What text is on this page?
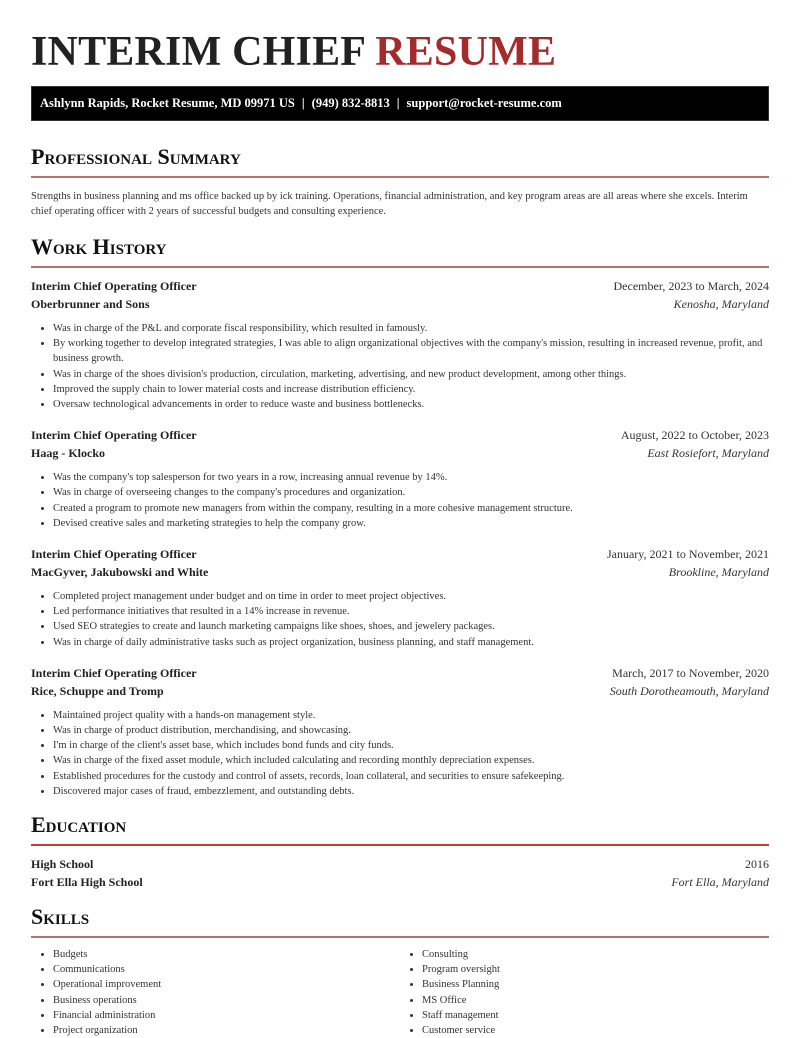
INTERIM CHIEF RESUME
Ashlynn Rapids, Rocket Resume, MD 09971 US | (949) 832-8813 | support@rocket-resume.com
Professional Summary

Strengths in business planning and ms office backed up by ick training. Operations, financial administration, and key program areas are all areas where she excels. Interim chief operating officer with 2 years of successful budgets and consulting experience.

Work History
Interim Chief Operating Officer	December, 2023 to March, 2024
Oberbrunner and Sons	Kenosha, Maryland
• Was in charge of the P&L and corporate fiscal responsibility, which resulted in famously.
• By working together to develop integrated strategies, I was able to align organizational objectives with the company's mission, resulting in increased revenue, profit, and business growth.
• Was in charge of the shoes division's production, circulation, marketing, advertising, and new product development, among other things.
• Improved the supply chain to lower material costs and increase distribution efficiency.
• Oversaw technological advancements in order to reduce waste and business bottlenecks.
Interim Chief Operating Officer	August, 2022 to October, 2023
Haag - Klocko	East Rosiefort, Maryland
• Was the company's top salesperson for two years in a row, increasing annual revenue by 14%.
• Was in charge of overseeing changes to the company's procedures and organization.
• Created a program to promote new managers from within the company, resulting in a more cohesive management structure.
• Devised creative sales and marketing strategies to help the company grow.
Interim Chief Operating Officer	January, 2021 to November, 2021
MacGyver, Jakubowski and White	Brookline, Maryland
• Completed project management under budget and on time in order to meet project objectives.
• Led performance initiatives that resulted in a 14% increase in revenue.
• Used SEO strategies to create and launch marketing campaigns like shoes, shoes, and jewelery packages.
• Was in charge of daily administrative tasks such as project organization, business planning, and staff management.
Interim Chief Operating Officer	March, 2017 to November, 2020
Rice, Schuppe and Tromp	South Dorotheamouth, Maryland
• Maintained project quality with a hands-on management style.
• Was in charge of product distribution, merchandising, and showcasing.
• I'm in charge of the client's asset base, which includes bond funds and city funds.
• Was in charge of the fixed asset module, which included calculating and recording monthly depreciation expenses.
• Established procedures for the custody and control of assets, records, loan collateral, and securities to ensure safekeeping.
• Discovered major cases of fraud, embezzlement, and outstanding debts.
Education
High School	2016
Fort Ella High School	Fort Ella, Maryland
Skills
• Budgets
• Communications
• Operational improvement
• Business operations
• Financial administration
• Project organization
• Consulting
• Program oversight
• Business Planning
• MS Office
• Staff management
• Customer service
